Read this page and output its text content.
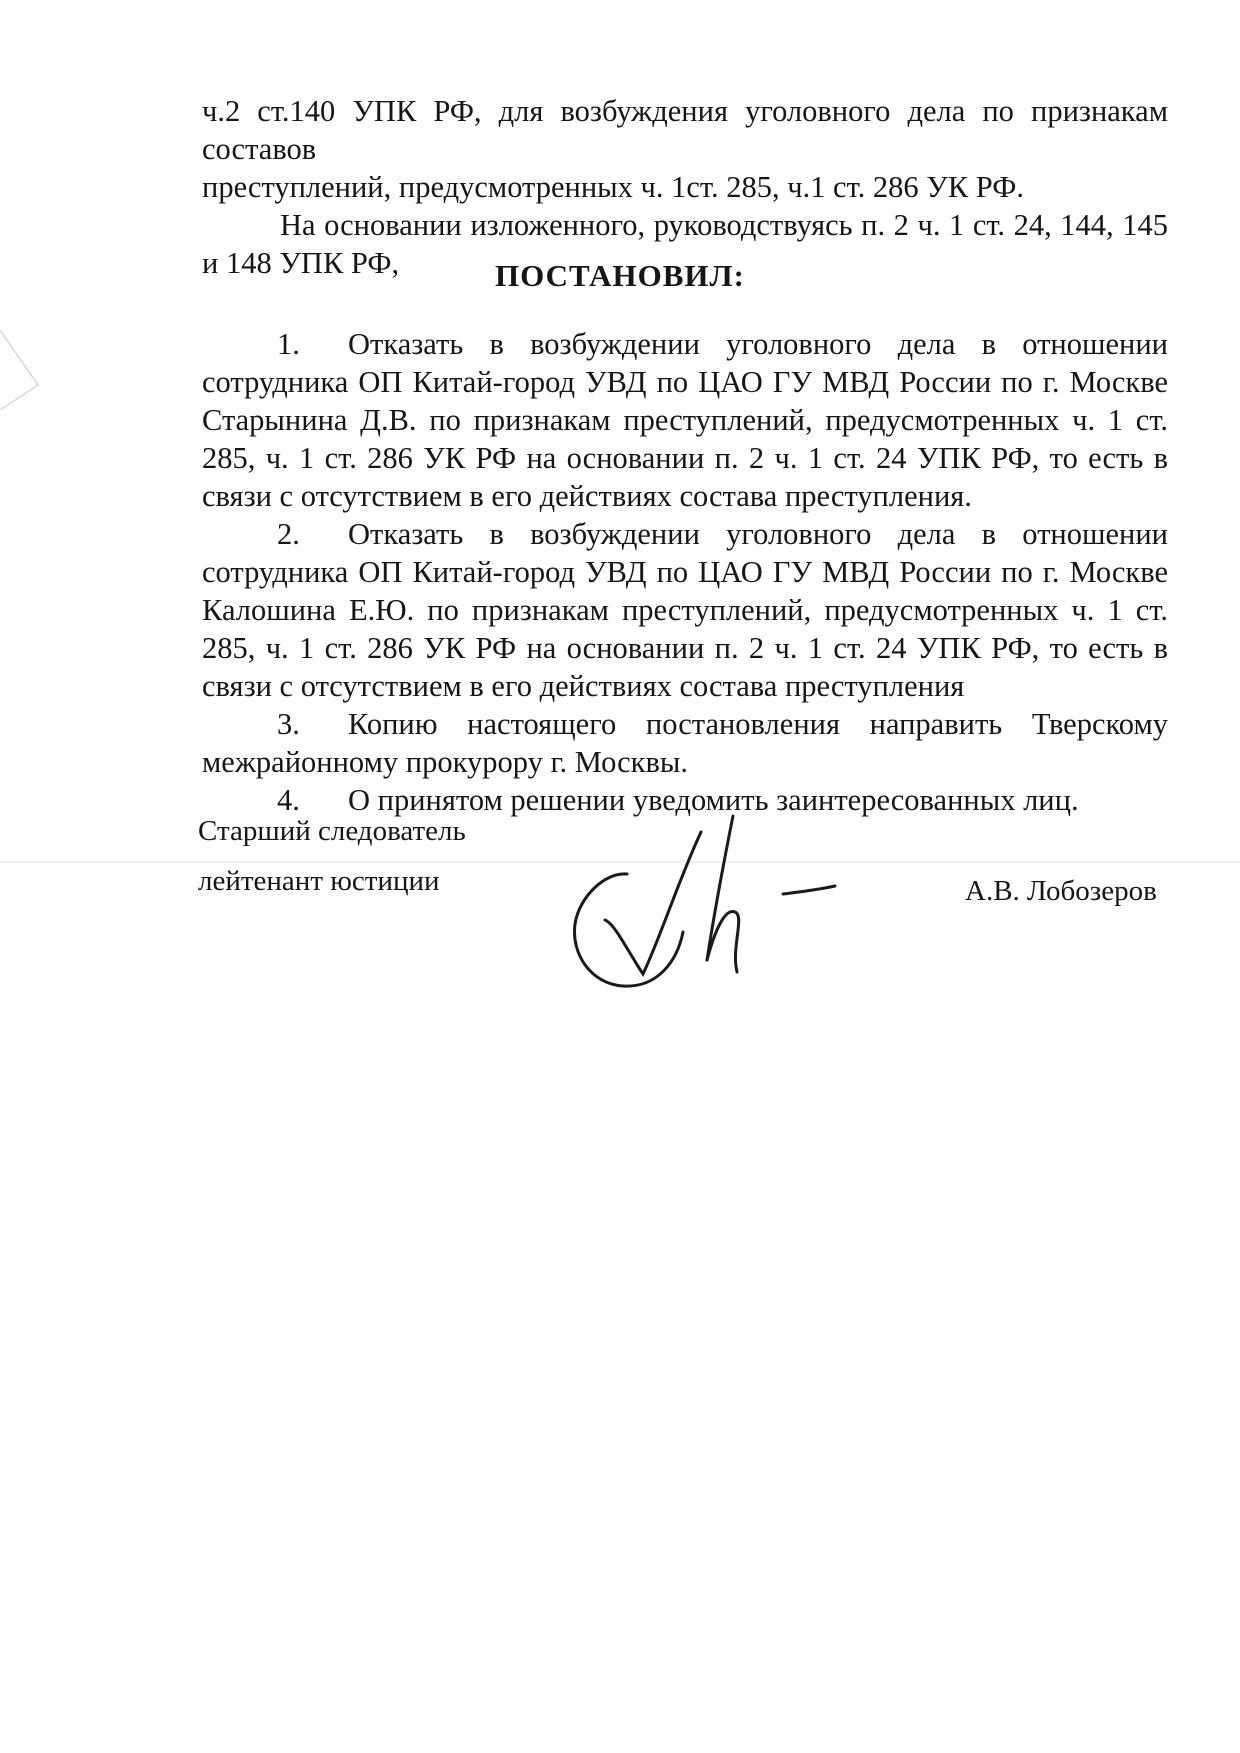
ч.2 ст.140 УПК РФ, для возбуждения уголовного дела по признакам составов

преступлений, предусмотренных ч. 1ст. 285, ч.1 ст. 286 УК РФ.

На основании изложенного, руководствуясь п. 2 ч. 1 ст. 24, 144, 145 и 148 УПК РФ,	ПОСТАНОВИЛ:

1. Отказать в возбуждении уголовного дела в отношении сотрудника ОП Китай-город УВД по ЦАО ГУ МВД России по г. Москве Старынина Д.В. по признакам преступлений, предусмотренных ч. 1 ст. 285, ч. 1 ст. 286 УК РФ на основании п. 2 ч. 1 ст. 24 УПК РФ, то есть в связи с отсутствием в его действиях состава преступления.

2. Отказать в возбуждении уголовного дела в отношении сотрудника ОП Китай-город УВД по ЦАО ГУ МВД России по г. Москве Калошина Е.Ю. по признакам преступлений, предусмотренных ч. 1 ст. 285, ч. 1 ст. 286 УК РФ на основании п. 2 ч. 1 ст. 24 УПК РФ, то есть в связи с отсутствием в его действиях состава преступления

3. Копию настоящего постановления направить Тверскому межрайонному прокурору г. Москвы.

4. О принятом решении уведомить заинтересованных лиц.

Старший следователь
лейтенант юстиции	А.В. Лобозеров
